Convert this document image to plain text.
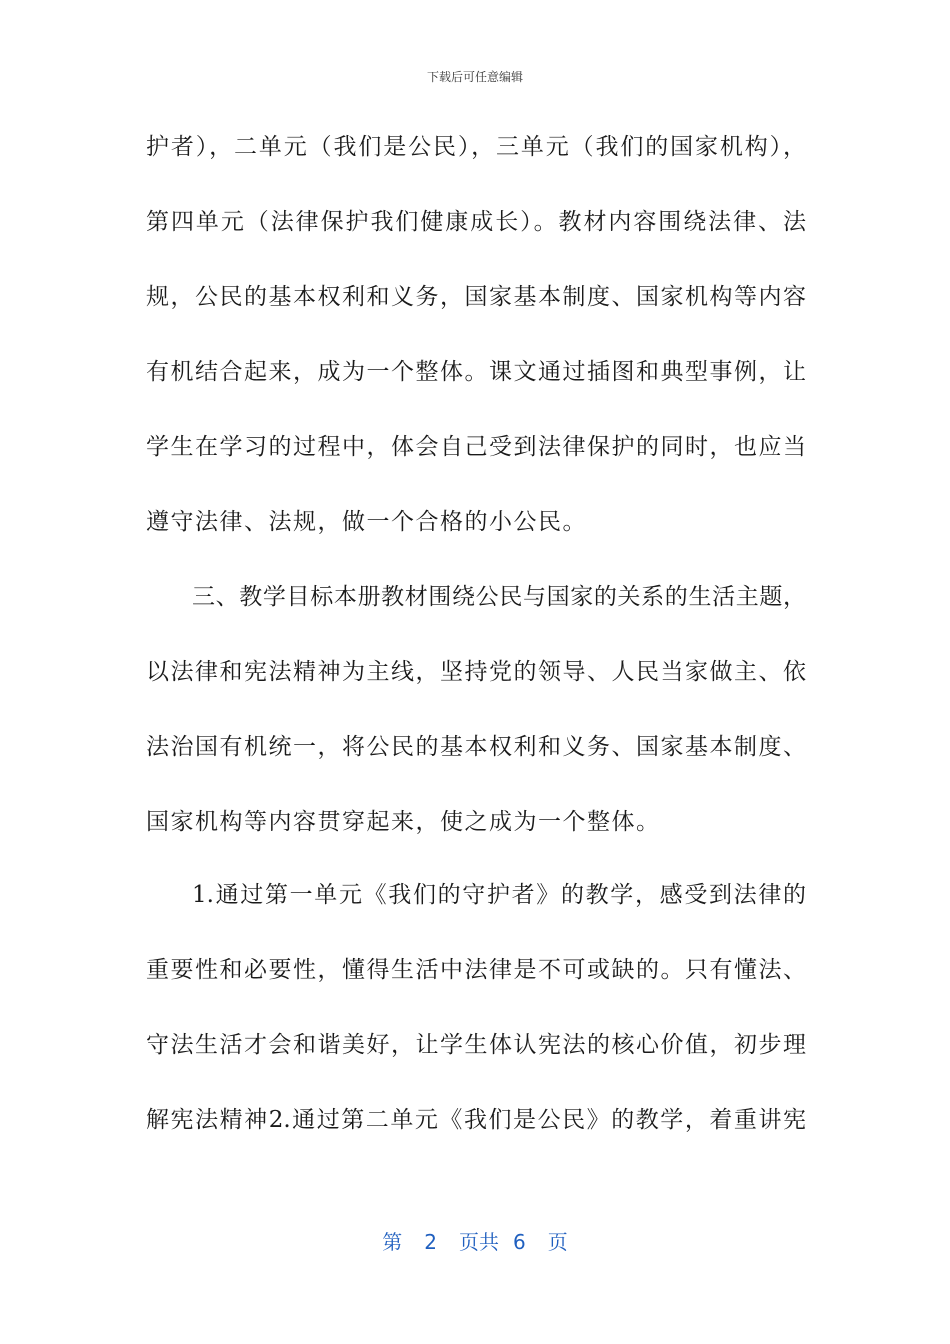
下载后可任意编辑
护者），二单元（我们是公民），三单元（我们的国家机构），
第四单元（法律保护我们健康成长）。教材内容围绕法律、法
规，公民的基本权利和义务，国家基本制度、国家机构等内容
有机结合起来，成为一个整体。课文通过插图和典型事例，让
学生在学习的过程中，体会自己受到法律保护的同时，也应当
遵守法律、法规，做一个合格的小公民。
三、教学目标本册教材围绕公民与国家的关系的生活主题，
以法律和宪法精神为主线，坚持党的领导、人民当家做主、依
法治国有机统一，将公民的基本权利和义务、国家基本制度、
国家机构等内容贯穿起来，使之成为一个整体。
1.通过第一单元《我们的守护者》的教学，感受到法律的
重要性和必要性，懂得生活中法律是不可或缺的。只有懂法、
守法生活才会和谐美好，让学生体认宪法的核心价值，初步理
解宪法精神2.通过第二单元《我们是公民》的教学，着重讲宪
第 2 页共 6 页
